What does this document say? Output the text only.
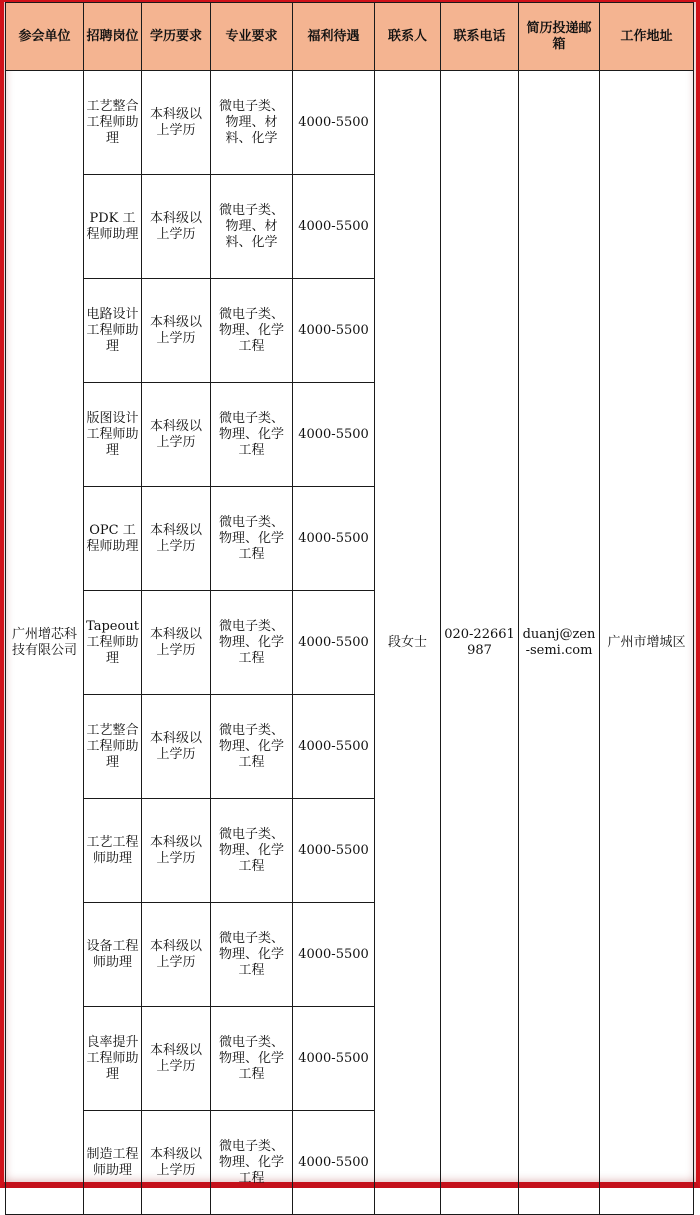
参会单位	招聘岗位	学历要求	专业要求	福利待遇	联系人	联系电话	简历投递邮箱	工作地址
广州增芯科技有限公司	工艺整合工程师助理	本科级以上学历	微电子类、物理、材料、化学	4000-5500	段女士	020-22661987	duanj@zen-semi.com	广州市增城区
	PDK 工程师助理	本科级以上学历	微电子类、物理、材料、化学	4000-5500				
	电路设计工程师助理	本科级以上学历	微电子类、物理、化学工程	4000-5500				
	版图设计工程师助理	本科级以上学历	微电子类、物理、化学工程	4000-5500				
	OPC 工程师助理	本科级以上学历	微电子类、物理、化学工程	4000-5500				
	Tapeout 工程师助理	本科级以上学历	微电子类、物理、化学工程	4000-5500				
	工艺整合工程师助理	本科级以上学历	微电子类、物理、化学工程	4000-5500				
	工艺工程师助理	本科级以上学历	微电子类、物理、化学工程	4000-5500				
	设备工程师助理	本科级以上学历	微电子类、物理、化学工程	4000-5500				
	良率提升工程师助理	本科级以上学历	微电子类、物理、化学工程	4000-5500				
	制造工程师助理	本科级以上学历	微电子类、物理、化学工程	4000-5500				
